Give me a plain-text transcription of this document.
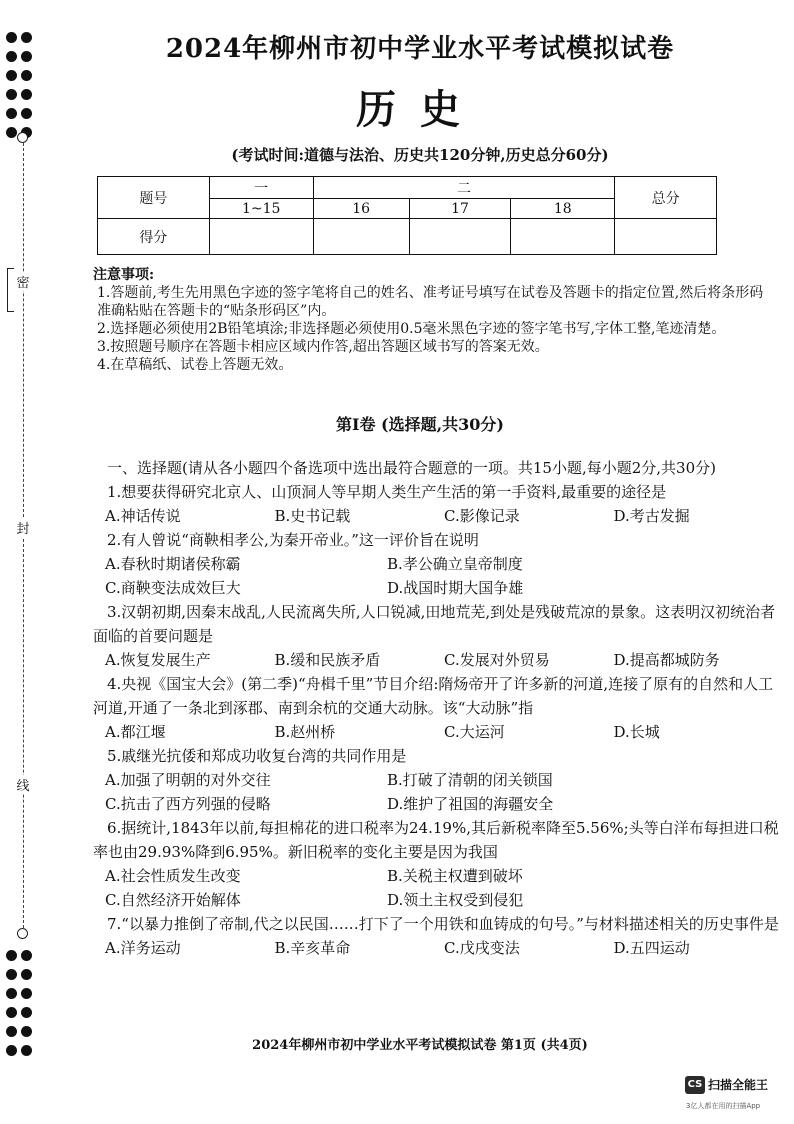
密
封
线

2024年柳州市初中学业水平考试模拟试卷
历史
(考试时间:道德与法治、历史共120分钟,历史总分60分)
题号	一	二			总分
	1~15	16	17	18	
得分					

注意事项:

1.答题前,考生先用黑色字迹的签字笔将自己的姓名、准考证号填写在试卷及答题卡的指定位置,然后将条形码准确粘贴在答题卡的“贴条形码区”内。

2.选择题必须使用2B铅笔填涂;非选择题必须使用0.5毫米黑色字迹的签字笔书写,字体工整,笔迹清楚。

3.按照题号顺序在答题卡相应区域内作答,超出答题区域书写的答案无效。

4.在草稿纸、试卷上答题无效。

第Ⅰ卷 (选择题,共30分)

一、选择题(请从各小题四个备选项中选出最符合题意的一项。共15小题,每小题2分,共30分)

1.想要获得研究北京人、山顶洞人等早期人类生产生活的第一手资料,最重要的途径是

A.神话传说	B.史书记载	C.影像记录	D.考古发掘

2.有人曾说“商鞅相孝公,为秦开帝业。”这一评价旨在说明

A.春秋时期诸侯称霸	B.孝公确立皇帝制度
C.商鞅变法成效巨大	D.战国时期大国争雄

3.汉朝初期,因秦末战乱,人民流离失所,人口锐减,田地荒芜,到处是残破荒凉的景象。这表明汉初统治者面临的首要问题是

A.恢复发展生产	B.缓和民族矛盾	C.发展对外贸易	D.提高都城防务

4.央视《国宝大会》(第二季)“舟楫千里”节目介绍:隋炀帝开了许多新的河道,连接了原有的自然和人工河道,开通了一条北到涿郡、南到余杭的交通大动脉。该“大动脉”指

A.都江堰	B.赵州桥	C.大运河	D.长城

5.戚继光抗倭和郑成功收复台湾的共同作用是

A.加强了明朝的对外交往	B.打破了清朝的闭关锁国
C.抗击了西方列强的侵略	D.维护了祖国的海疆安全

6.据统计,1843年以前,每担棉花的进口税率为24.19%,其后新税率降至5.56%;头等白洋布每担进口税率也由29.93%降到6.95%。新旧税率的变化主要是因为我国

A.社会性质发生改变	B.关税主权遭到破坏
C.自然经济开始解体	D.领土主权受到侵犯

7.“以暴力推倒了帝制,代之以民国……打下了一个用铁和血铸成的句号。”与材料描述相关的历史事件是

A.洋务运动	B.辛亥革命	C.戊戌变法	D.五四运动
2024年柳州市初中学业水平考试模拟试卷 第1页 (共4页)
CS 扫描全能王
3亿人都在用的扫描App
